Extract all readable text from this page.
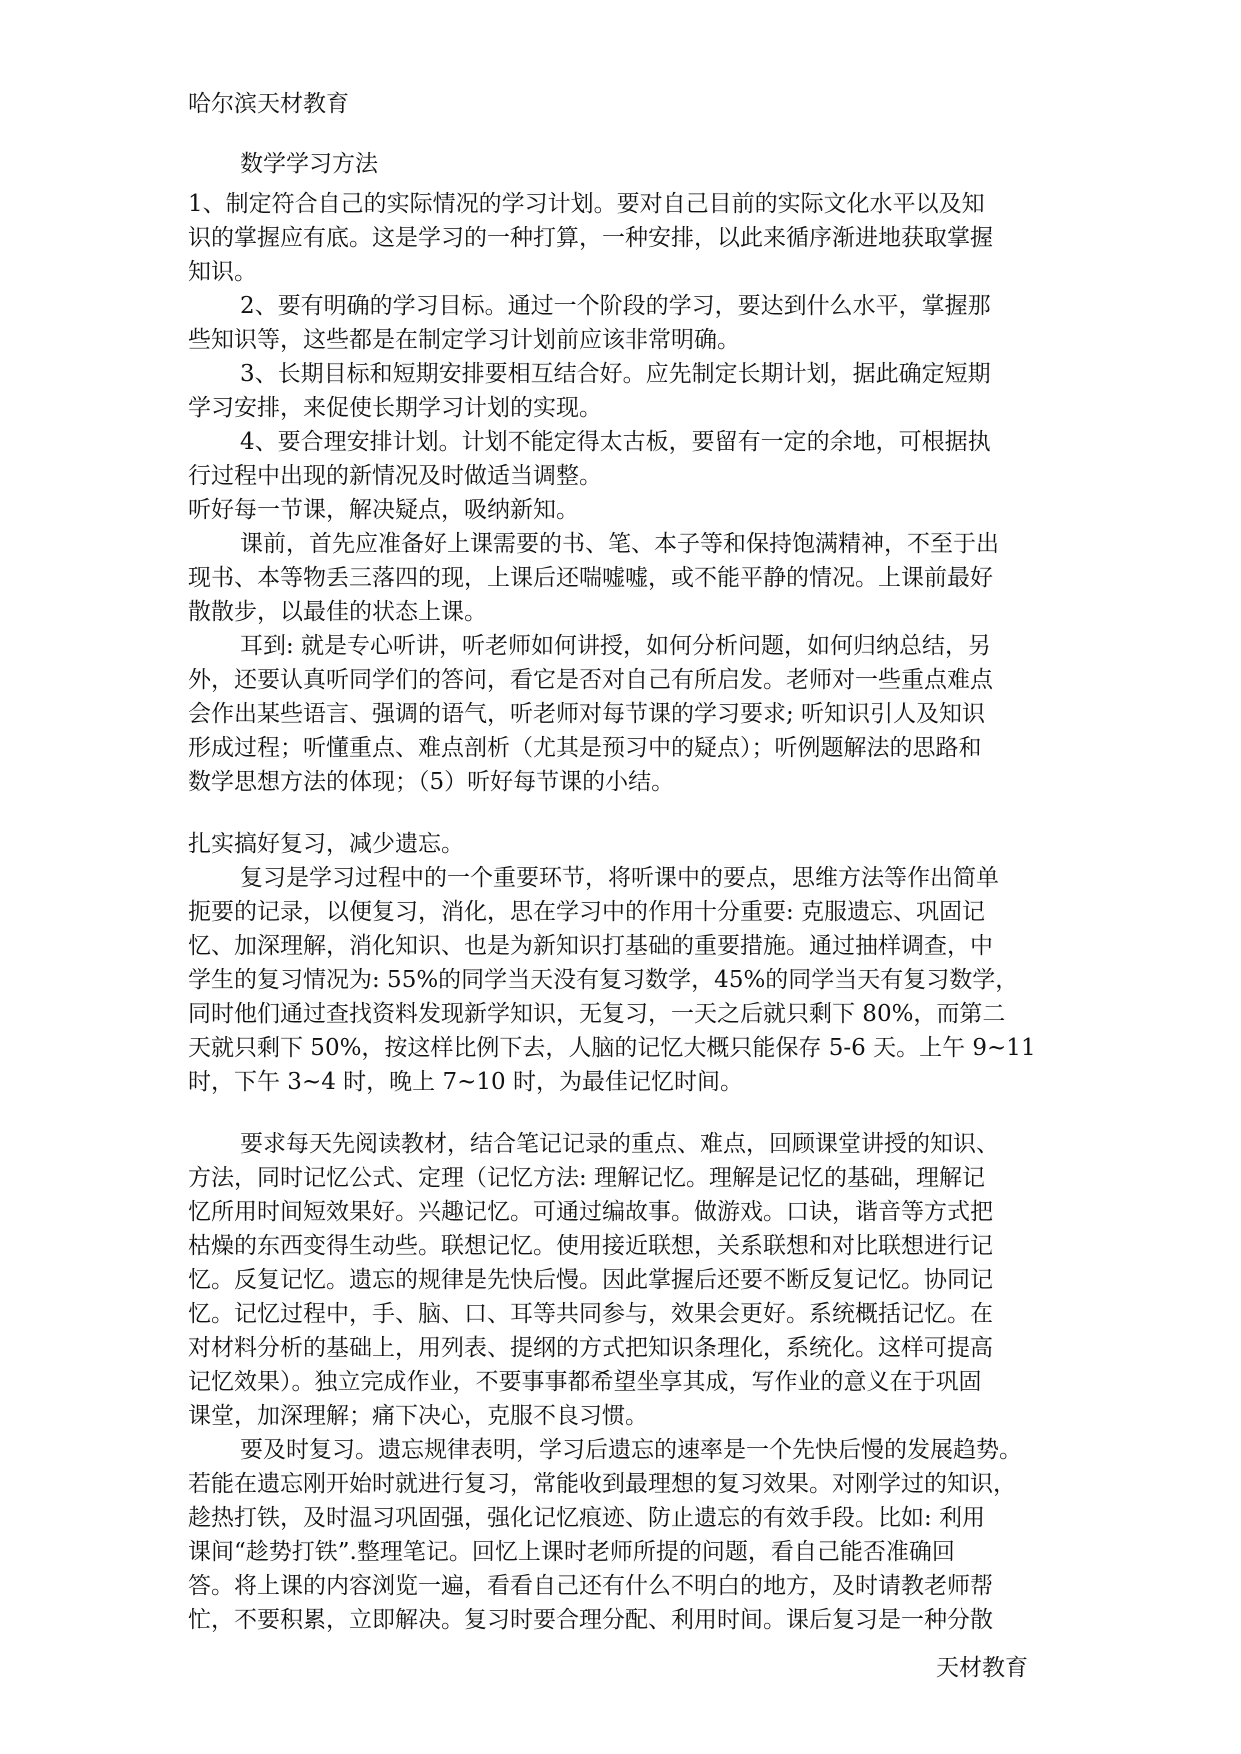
哈尔滨天材教育
数学学习方法
1、制定符合自己的实际情况的学习计划。要对自己目前的实际文化水平以及知
识的掌握应有底。这是学习的一种打算，一种安排，以此来循序渐进地获取掌握
知识。
2、要有明确的学习目标。通过一个阶段的学习，要达到什么水平，掌握那
些知识等，这些都是在制定学习计划前应该非常明确。
3、长期目标和短期安排要相互结合好。应先制定长期计划，据此确定短期
学习安排，来促使长期学习计划的实现。
4、要合理安排计划。计划不能定得太古板，要留有一定的余地，可根据执
行过程中出现的新情况及时做适当调整。
听好每一节课，解决疑点，吸纳新知。
课前，首先应准备好上课需要的书、笔、本子等和保持饱满精神，不至于出
现书、本等物丢三落四的现，上课后还喘嘘嘘，或不能平静的情况。上课前最好
散散步，以最佳的状态上课。
耳到: 就是专心听讲，听老师如何讲授，如何分析问题，如何归纳总结，另
外，还要认真听同学们的答问，看它是否对自己有所启发。老师对一些重点难点
会作出某些语言、强调的语气，听老师对每节课的学习要求; 听知识引人及知识
形成过程；听懂重点、难点剖析（尤其是预习中的疑点）；听例题解法的思路和
数学思想方法的体现；（5）听好每节课的小结。
扎实搞好复习，减少遗忘。
复习是学习过程中的一个重要环节，将听课中的要点，思维方法等作出简单
扼要的记录，以便复习，消化，思在学习中的作用十分重要: 克服遗忘、巩固记
忆、加深理解，消化知识、也是为新知识打基础的重要措施。通过抽样调查，中
学生的复习情况为: 55%的同学当天没有复习数学，45%的同学当天有复习数学，
同时他们通过查找资料发现新学知识，无复习，一天之后就只剩下 80%，而第二
天就只剩下 50%，按这样比例下去，人脑的记忆大概只能保存 5-6 天。上午 9~11
时，下午 3~4 时，晚上 7~10 时，为最佳记忆时间。
要求每天先阅读教材，结合笔记记录的重点、难点，回顾课堂讲授的知识、
方法，同时记忆公式、定理（记忆方法: 理解记忆。理解是记忆的基础，理解记
忆所用时间短效果好。兴趣记忆。可通过编故事。做游戏。口诀，谐音等方式把
枯燥的东西变得生动些。联想记忆。使用接近联想，关系联想和对比联想进行记
忆。反复记忆。遗忘的规律是先快后慢。因此掌握后还要不断反复记忆。协同记
忆。记忆过程中，手、脑、口、耳等共同参与，效果会更好。系统概括记忆。在
对材料分析的基础上，用列表、提纲的方式把知识条理化，系统化。这样可提高
记忆效果）。独立完成作业，不要事事都希望坐享其成，写作业的意义在于巩固
课堂，加深理解；痛下决心，克服不良习惯。
要及时复习。遗忘规律表明，学习后遗忘的速率是一个先快后慢的发展趋势。
若能在遗忘刚开始时就进行复习，常能收到最理想的复习效果。对刚学过的知识，
趁热打铁，及时温习巩固强，强化记忆痕迹、防止遗忘的有效手段。比如: 利用
课间“趁势打铁”.整理笔记。回忆上课时老师所提的问题，看自己能否准确回
答。将上课的内容浏览一遍，看看自己还有什么不明白的地方，及时请教老师帮
忙，不要积累，立即解决。复习时要合理分配、利用时间。课后复习是一种分散
天材教育
